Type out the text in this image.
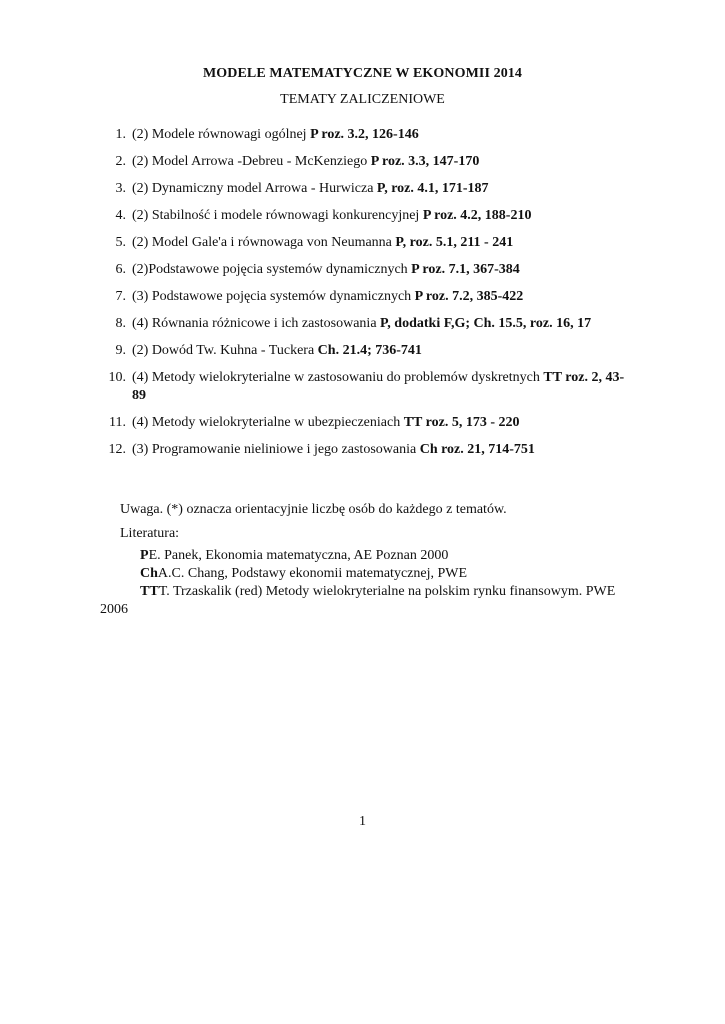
MODELE MATEMATYCZNE W EKONOMII 2014
TEMATY ZALICZENIOWE
1. (2) Modele równowagi ogólnej P roz. 3.2, 126-146
2. (2) Model Arrowa -Debreu - McKenziego P roz. 3.3, 147-170
3. (2) Dynamiczny model Arrowa - Hurwicza P, roz. 4.1, 171-187
4. (2) Stabilność i modele równowagi konkurencyjnej P roz. 4.2, 188-210
5. (2) Model Gale'a i równowaga von Neumanna P, roz. 5.1, 211 - 241
6. (2)Podstawowe pojęcia systemów dynamicznych P roz. 7.1, 367-384
7. (3) Podstawowe pojęcia systemów dynamicznych P roz. 7.2, 385-422
8. (4) Równania różnicowe i ich zastosowania P, dodatki F,G; Ch. 15.5, roz. 16, 17
9. (2) Dowód Tw. Kuhna - Tuckera Ch. 21.4; 736-741
10. (4) Metody wielokryterialne w zastosowaniu do problemów dyskretnych TT roz. 2, 43- 89
11. (4) Metody wielokryterialne w ubezpieczeniach TT roz. 5, 173 - 220
12. (3) Programowanie nieliniowe i jego zastosowania Ch roz. 21, 714-751
Uwaga. (*) oznacza orientacyjnie liczbę osób do każdego z tematów.
Literatura:
PE. Panek, Ekonomia matematyczna, AE Poznan 2000
ChA.C. Chang, Podstawy ekonomii matematycznej, PWE
TTT. Trzaskalik (red) Metody wielokryterialne na polskim rynku finansowym. PWE 2006
1
